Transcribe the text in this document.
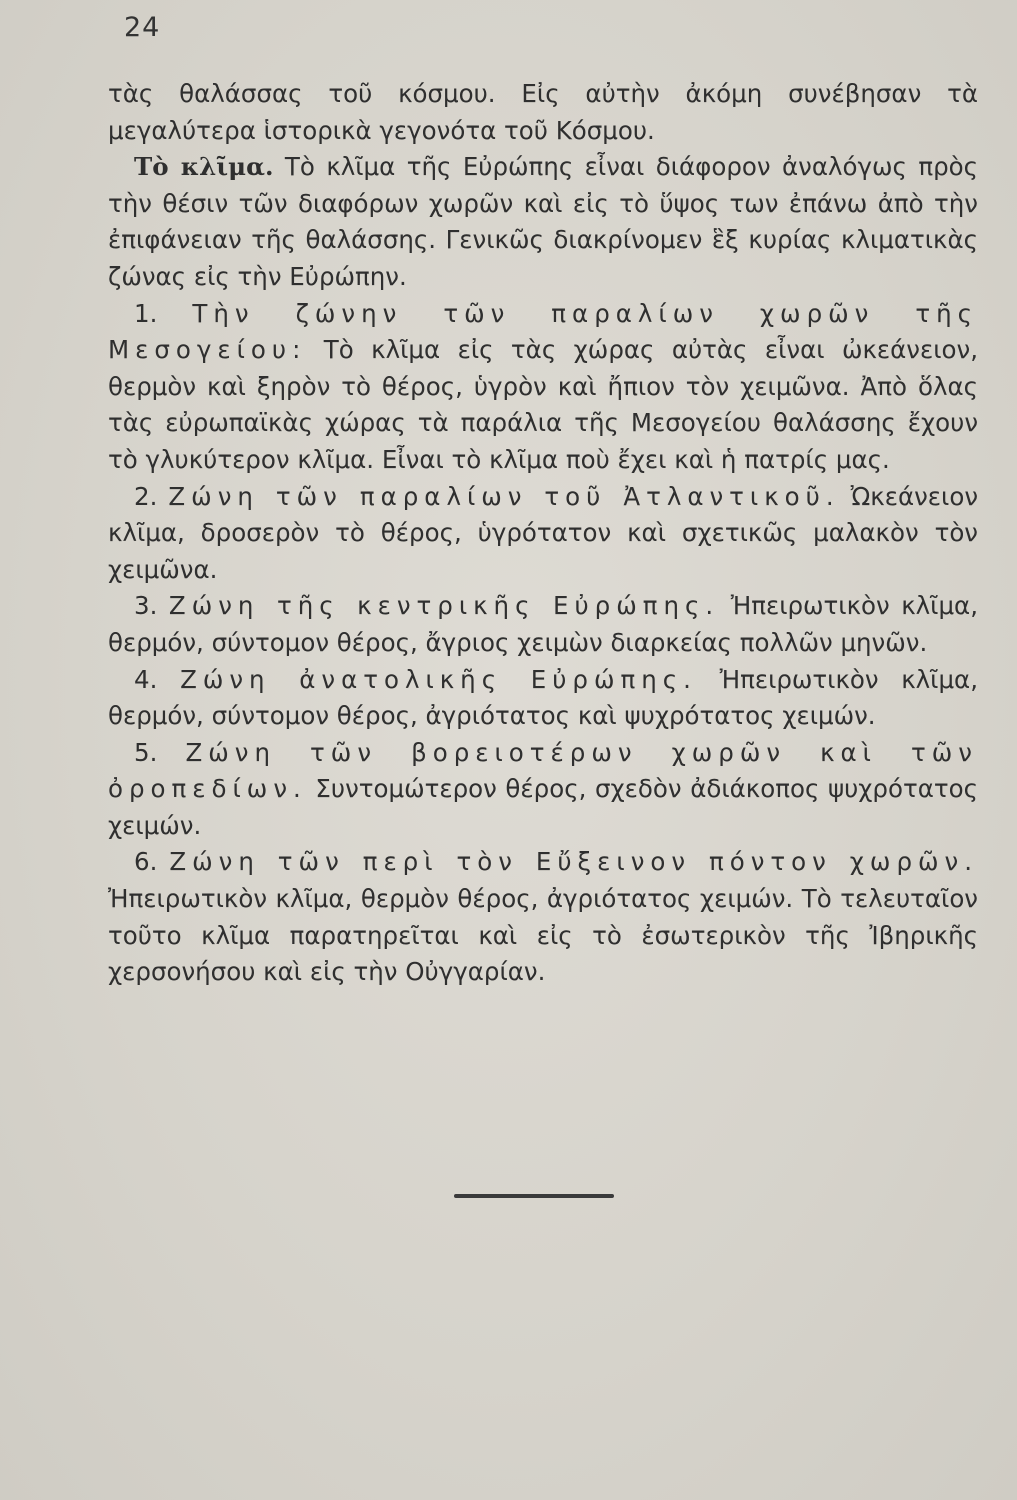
24

τὰς θαλάσσας τοῦ κόσμου. Εἰς αὐτὴν ἀκόμη συνέβησαν τὰ μεγαλύτερα ἱστορικὰ γεγονότα τοῦ Κόσμου.

Τὸ κλῖμα. Τὸ κλῖμα τῆς Εὐρώπης εἶναι διάφορον ἀναλόγως πρὸς τὴν θέσιν τῶν διαφόρων χωρῶν καὶ εἰς τὸ ὕψος των ἐπάνω ἀπὸ τὴν ἐπιφάνειαν τῆς θαλάσσης. Γενικῶς διακρίνομεν ἓξ κυρίας κλιματικὰς ζώνας εἰς τὴν Εὐρώπην.

1. Τὴν ζώνην τῶν παραλίων χωρῶν τῆς Μεσογείου: Τὸ κλῖμα εἰς τὰς χώρας αὐτὰς εἶναι ὠκεάνειον, θερμὸν καὶ ξηρὸν τὸ θέρος, ὑγρὸν καὶ ἤπιον τὸν χειμῶνα. Ἀπὸ ὅλας τὰς εὐρωπαϊκὰς χώρας τὰ παράλια τῆς Μεσογείου θαλάσσης ἔχουν τὸ γλυκύτερον κλῖμα. Εἶναι τὸ κλῖμα ποὺ ἔχει καὶ ἡ πατρίς μας.

2. Ζώνη τῶν παραλίων τοῦ Ἀτλαντικοῦ. Ὠκεάνειον κλῖμα, δροσερὸν τὸ θέρος, ὑγρότατον καὶ σχετικῶς μαλακὸν τὸν χειμῶνα.

3. Ζώνη τῆς κεντρικῆς Εὐρώπης. Ἠπειρωτικὸν κλῖμα, θερμόν, σύντομον θέρος, ἄγριος χειμὼν διαρκείας πολλῶν μηνῶν.

4. Ζώνη ἀνατολικῆς Εὐρώπης. Ἠπειρωτικὸν κλῖμα, θερμόν, σύντομον θέρος, ἀγριότατος καὶ ψυχρότατος χειμών.

5. Ζώνη τῶν βορειοτέρων χωρῶν καὶ τῶν ὀροπεδίων. Συντομώτερον θέρος, σχεδὸν ἀδιάκοπος ψυχρότατος χειμών.

6. Ζώνη τῶν περὶ τὸν Εὔξεινον πόντον χωρῶν. Ἠπειρωτικὸν κλῖμα, θερμὸν θέρος, ἀγριότατος χειμών. Τὸ τελευταῖον τοῦτο κλῖμα παρατηρεῖται καὶ εἰς τὸ ἐσωτερικὸν τῆς Ἰβηρικῆς χερσονήσου καὶ εἰς τὴν Οὐγγαρίαν.
